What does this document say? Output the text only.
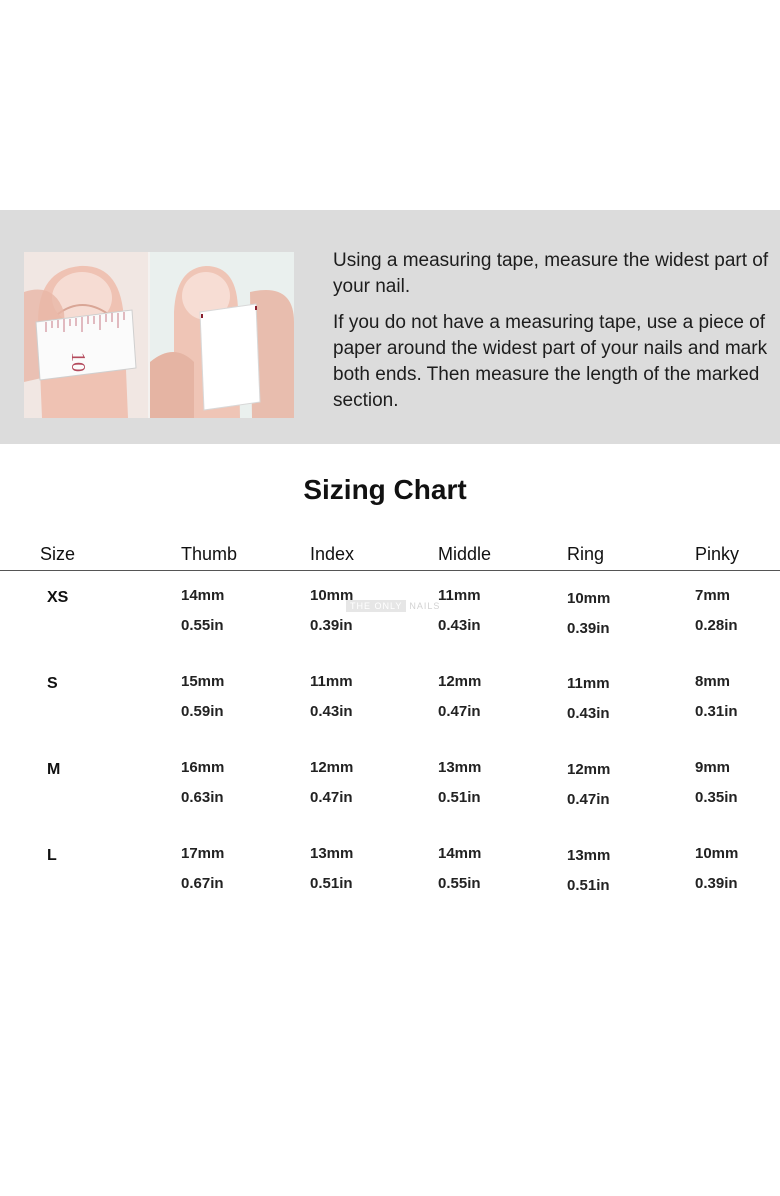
10

Using a measuring tape, measure the widest part of your nail.

If you do not have a measuring tape, use a piece of paper around the widest part of your nails and mark both ends. Then measure the length of the marked section.

Sizing Chart
Size	Thumb	Index	Middle	Ring	Pinky
THE ONLY NAILS
XS	14mm	10mm	11mm	10mm	7mm
0.55in	0.39in	0.43in	0.39in	0.28in
S	15mm	11mm	12mm	11mm	8mm
0.59in	0.43in	0.47in	0.43in	0.31in
M	16mm	12mm	13mm	12mm	9mm
0.63in	0.47in	0.51in	0.47in	0.35in
L	17mm	13mm	14mm	13mm	10mm
0.67in	0.51in	0.55in	0.51in	0.39in
